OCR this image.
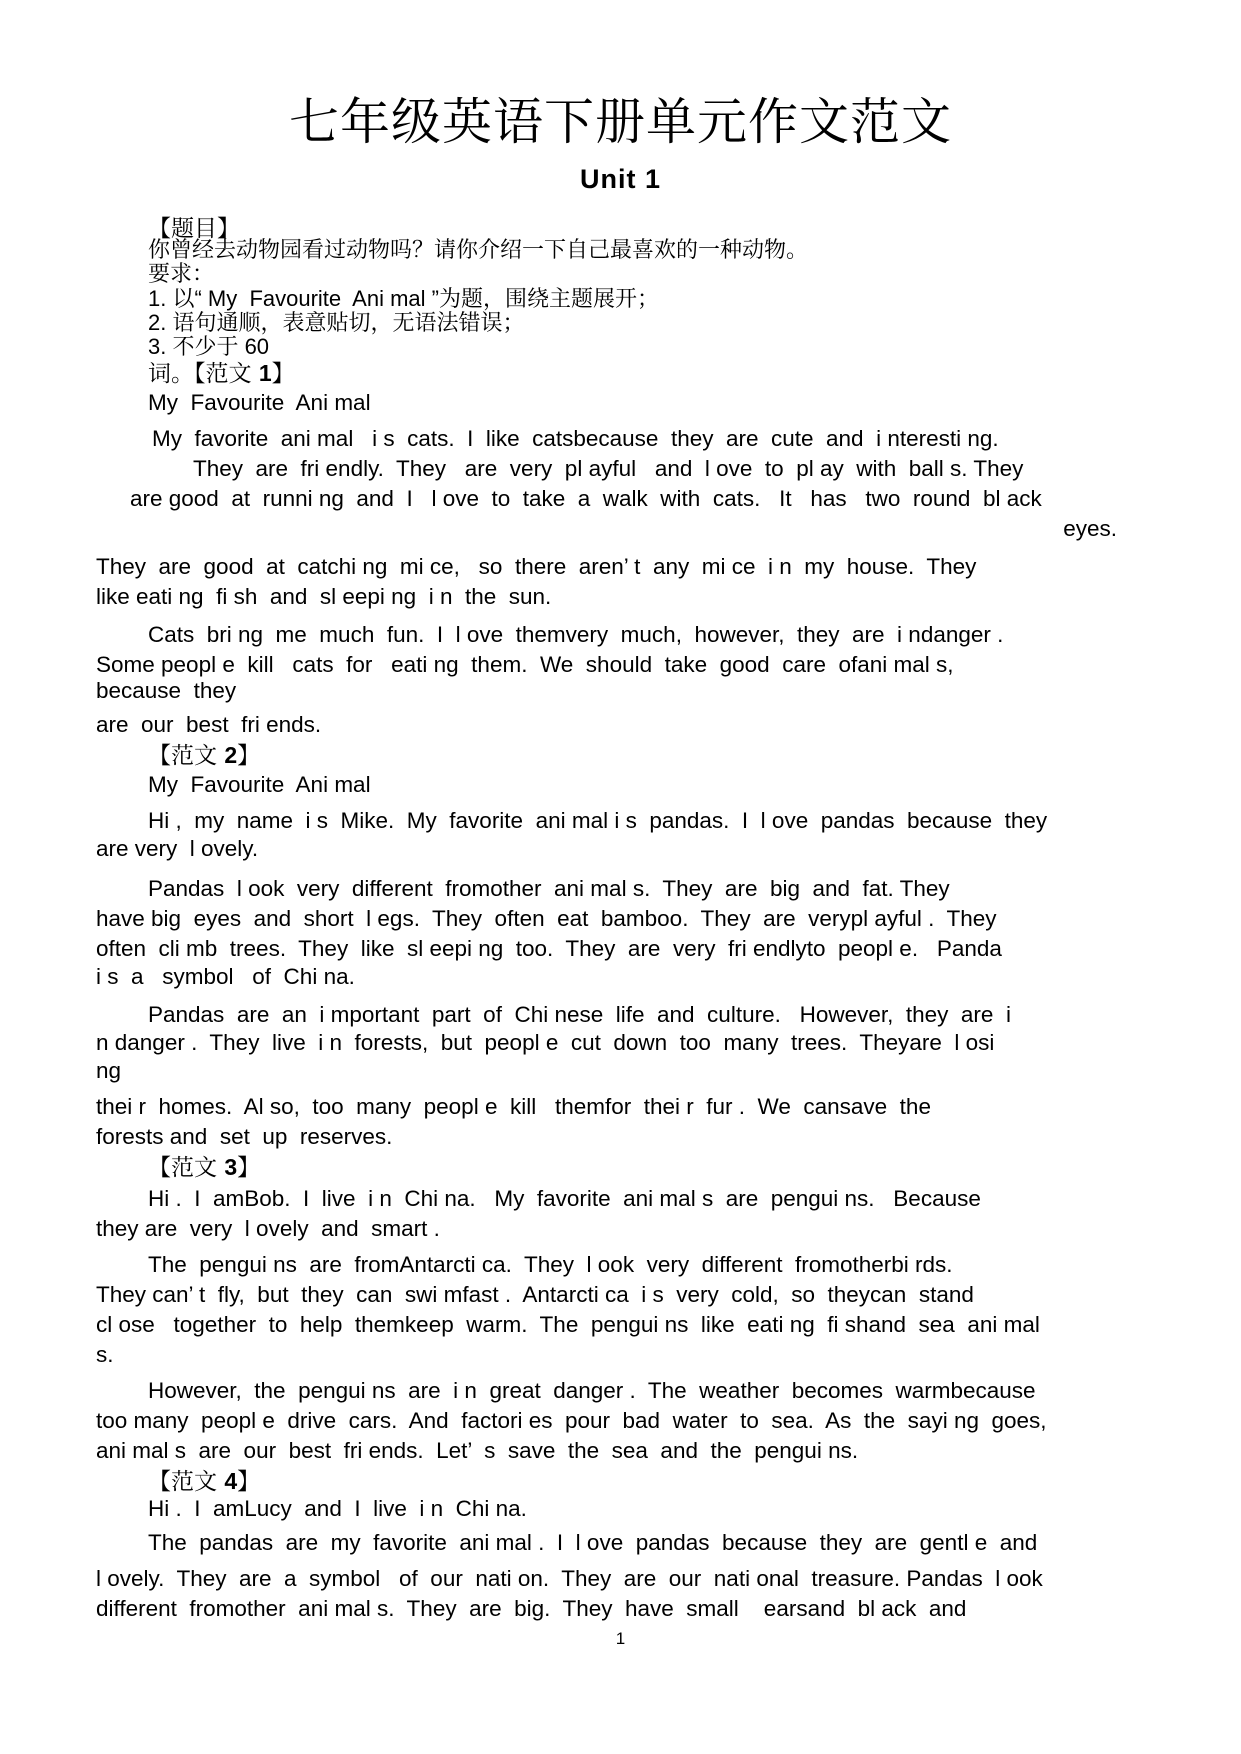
七年级英语下册单元作文范文
Unit 1
【题目】
你曾经去动物园看过动物吗？请你介绍一下自己最喜欢的一种动物。
要求：
1. 以“ My  Favourite  Ani mal ”为题，围绕主题展开；
2. 语句通顺，表意贴切，无语法错误；
3. 不少于 60
词。【范文 1】
My  Favourite  Ani mal
My  favorite  ani mal   i s  cats.  I  like  catsbecause  they  are  cute  and  i nteresti ng.
They  are  fri endly.  They   are  very  pl ayful   and  l ove  to  pl ay  with  ball s. They
are good  at  runni ng  and  I   l ove  to  take  a  walk  with  cats.   It   has   two  round  bl ack
eyes.
They  are  good  at  catchi ng  mi ce,   so  there  aren’ t  any  mi ce  i n  my  house.  They
like eati ng  fi sh  and  sl eepi ng  i n  the  sun.
Cats  bri ng  me  much  fun.  I  l ove  themvery  much,  however,  they  are  i ndanger .
Some peopl e  kill   cats  for   eati ng  them.  We  should  take  good  care  ofani mal s,
because  they
are  our  best  fri ends.
【范文 2】
My  Favourite  Ani mal
Hi ,  my  name  i s  Mike.  My  favorite  ani mal i s  pandas.  I  l ove  pandas  because  they
are very  l ovely.
Pandas  l ook  very  different  fromother  ani mal s.  They  are  big  and  fat. They
have big  eyes  and  short  l egs.  They  often  eat  bamboo.  They  are  verypl ayful .  They
often  cli mb  trees.  They  like  sl eepi ng  too.  They  are  very  fri endlyto  peopl e.   Panda
i s  a   symbol   of  Chi na.
Pandas  are  an  i mportant  part  of  Chi nese  life  and  culture.   However,  they  are  i
n danger .  They  live  i n  forests,  but  peopl e  cut  down  too  many  trees.  Theyare  l osi
ng
thei r  homes.  Al so,  too  many  peopl e  kill   themfor  thei r  fur .  We  cansave  the
forests and  set  up  reserves.
【范文 3】
Hi .  I  amBob.  I  live  i n  Chi na.   My  favorite  ani mal s  are  pengui ns.   Because
they are  very  l ovely  and  smart .
The  pengui ns  are  fromAntarcti ca.  They  l ook  very  different  fromotherbi rds.
They can’ t  fly,  but  they  can  swi mfast .  Antarcti ca  i s  very  cold,  so  theycan  stand
cl ose   together  to  help  themkeep  warm.  The  pengui ns  like  eati ng  fi shand  sea  ani mal
s.
However,  the  pengui ns  are  i n  great  danger .  The  weather  becomes  warmbecause
too many  peopl e  drive  cars.  And  factori es  pour  bad  water  to  sea.  As  the  sayi ng  goes,
ani mal s  are  our  best  fri ends.  Let’  s  save  the  sea  and  the  pengui ns.
【范文 4】
Hi .  I  amLucy  and  I  live  i n  Chi na.
The  pandas  are  my  favorite  ani mal .  I  l ove  pandas  because  they  are  gentl e  and
l ovely.  They  are  a  symbol   of  our  nati on.  They  are  our  nati onal  treasure. Pandas  l ook
different  fromother  ani mal s.  They  are  big.  They  have  small    earsand  bl ack  and
1
